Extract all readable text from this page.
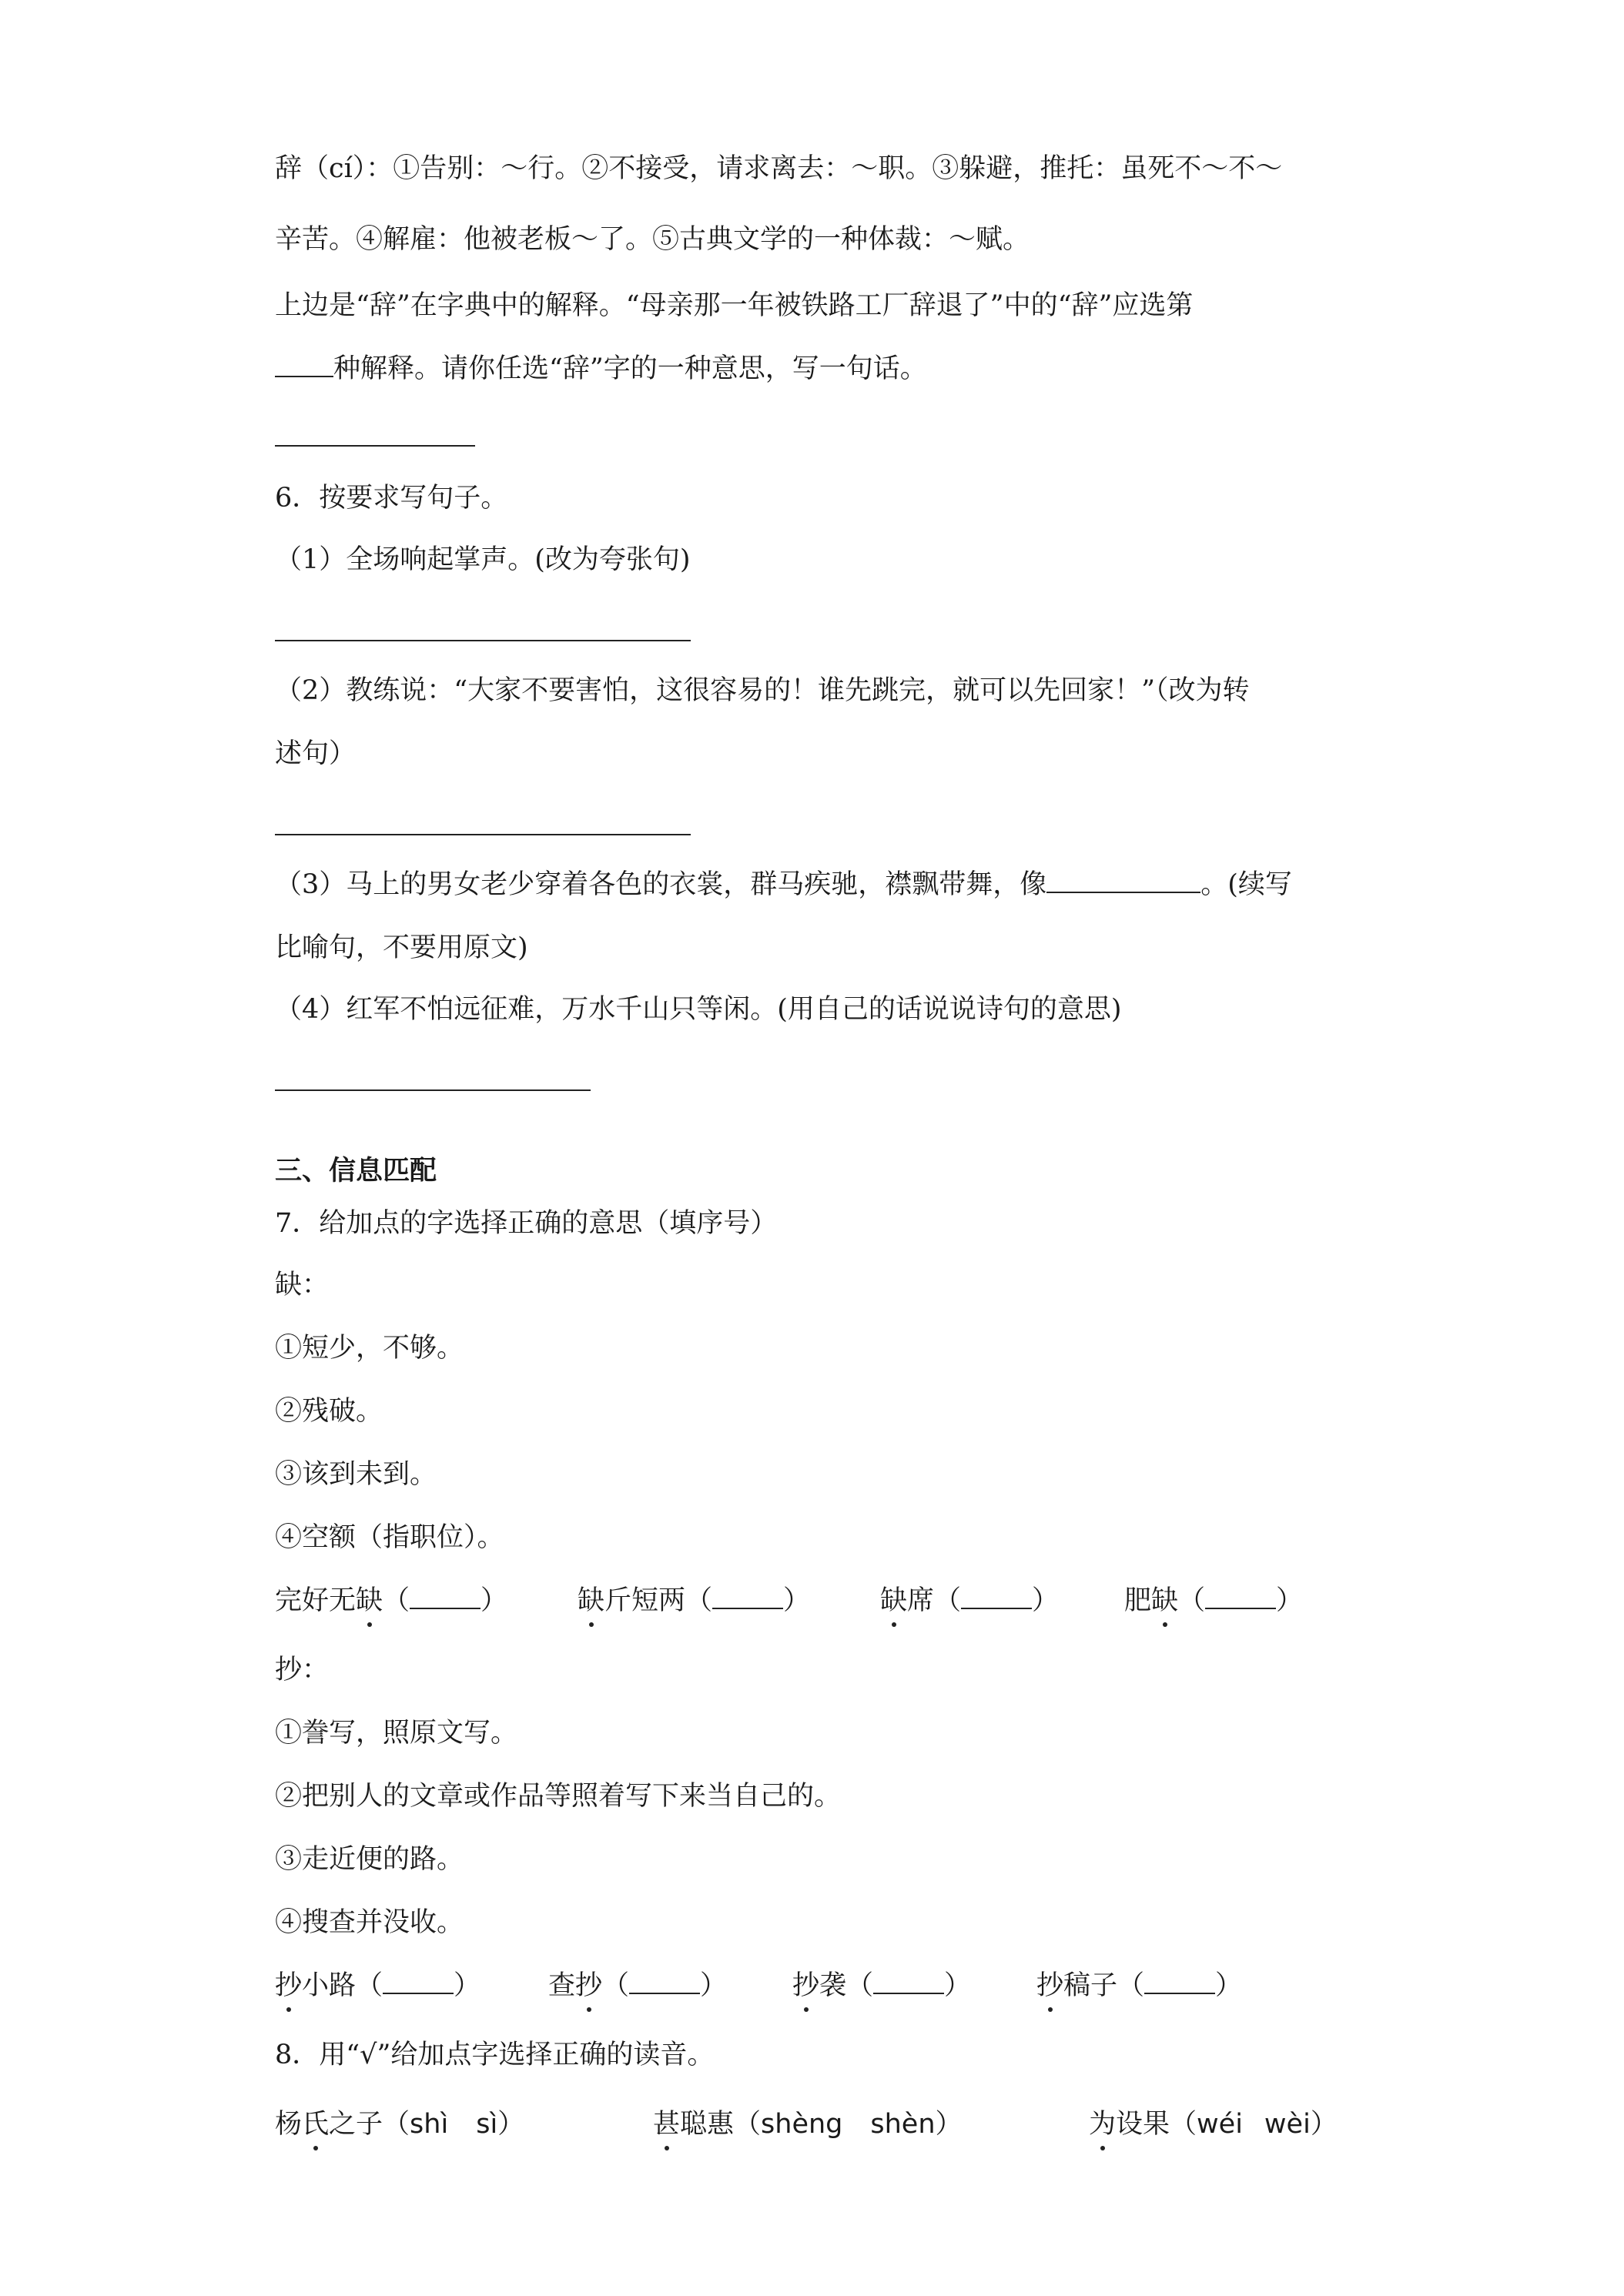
辞（cí）：①告别：～行。②不接受，请求离去：～职。③躲避，推托：虽死不～不～
辛苦。④解雇：他被老板～了。⑤古典文学的一种体裁：～赋。
上边是“辞”在字典中的解释。“母亲那一年被铁路工厂辞退了”中的“辞”应选第
种解释。请你任选“辞”字的一种意思，写一句话。
6．按要求写句子。
（1）全场响起掌声。(改为夸张句)
（2）教练说：“大家不要害怕，这很容易的！谁先跳完，就可以先回家！”（改为转
述句）
（3）马上的男女老少穿着各色的衣裳，群马疾驰，襟飘带舞，像	。(续写
比喻句，不要用原文)
（4）红军不怕远征难，万水千山只等闲。(用自己的话说说诗句的意思)
三、信息匹配
7．给加点的字选择正确的意思（填序号）
缺：
①短少，不够。
②残破。
③该到未到。
④空额（指职位）。
完好无缺（	）	缺斤短两（	）	缺席（	） 肥缺（	）
抄：
①誊写，照原文写。
②把别人的文章或作品等照着写下来当自己的。
③走近便的路。
④搜查并没收。
抄小路（	）	查抄（	） 抄袭（	） 抄稿子（	）
8．用“√”给加点字选择正确的读音。
杨氏之子（shì sì）	甚聪惠（shèng shèn）	为设果（wéi wèi）
